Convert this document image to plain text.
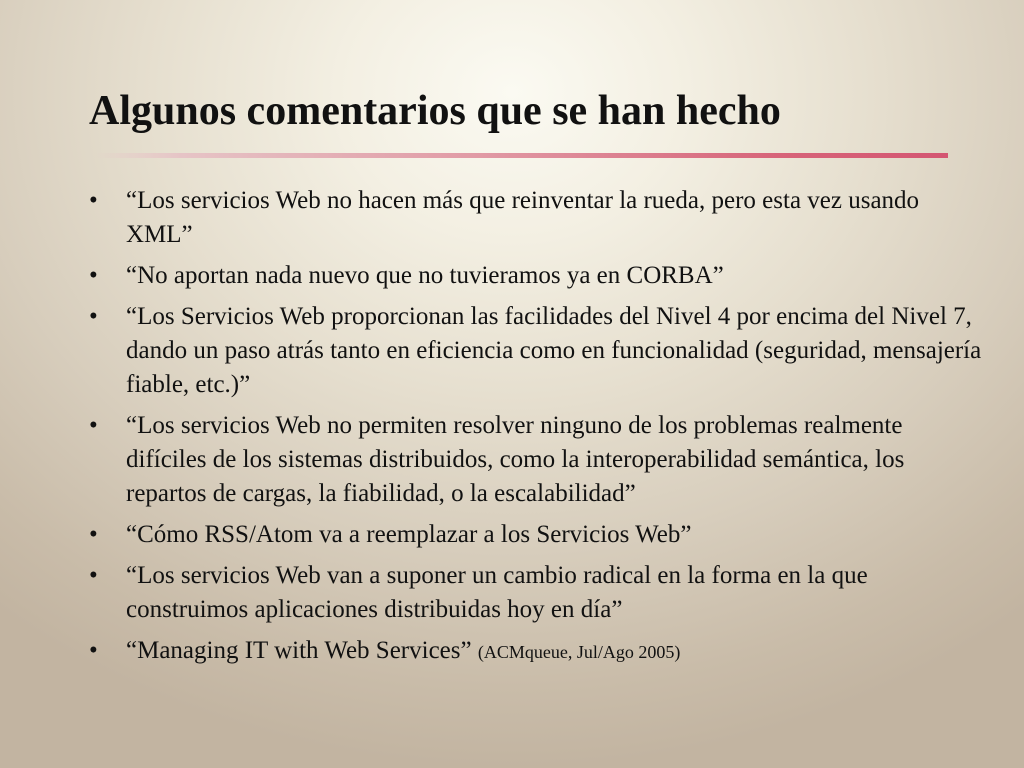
Algunos comentarios que se han hecho
• “Los servicios Web no hacen más que reinventar la rueda, pero esta vez usando XML”
• “No aportan nada nuevo que no tuvieramos ya en CORBA”
• “Los Servicios Web proporcionan las facilidades del Nivel 4 por encima del Nivel 7, dando un paso atrás tanto en eficiencia como en funcionalidad (seguridad, mensajería fiable, etc.)”
• “Los servicios Web no permiten resolver ninguno de los problemas realmente difíciles de los sistemas distribuidos, como la interoperabilidad semántica, los repartos de cargas, la fiabilidad, o la escalabilidad”
• “Cómo RSS/Atom va a reemplazar a los Servicios Web”
• “Los servicios Web van a suponer un cambio radical en la forma en la que construimos aplicaciones distribuidas hoy en día”
• “Managing IT with Web Services” (ACMqueue, Jul/Ago 2005)
